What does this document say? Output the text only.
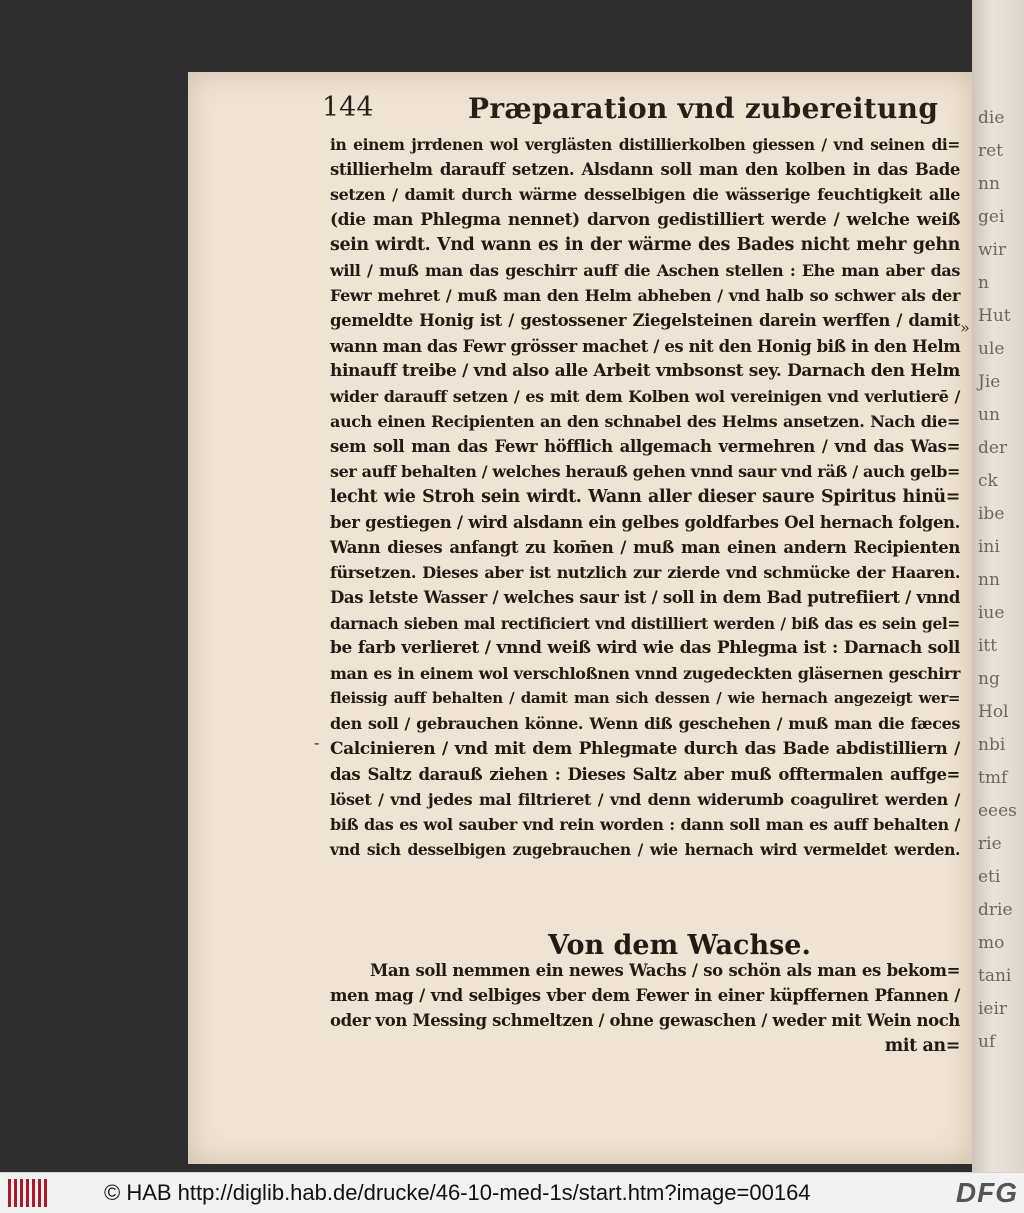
die
ret
nn
gei
wir
n
Hut
ule
Jie
un
der
ck
ibe
ini
nn
iue
itt
ng
Hol
nbi
tmf
eees
rie
eti
drie
mo
tani
ieir
uf
144	Præparation vnd zubereitung
in einem jrrdenen wol verglästen distillierkolben giessen / vnd seinen di=
stillierhelm darauff setzen. Alsdann soll man den kolben in das Bade
setzen / damit durch wärme desselbigen die wässerige feuchtigkeit alle
(die man Phlegma nennet) darvon gedistilliert werde / welche weiß
sein wirdt. Vnd wann es in der wärme des Bades nicht mehr gehn
will / muß man das geschirr auff die Aschen stellen : Ehe man aber das
Fewr mehret / muß man den Helm abheben / vnd halb so schwer als der
gemeldte Honig ist / gestossener Ziegelsteinen darein werffen / damit
wann man das Fewr grösser machet / es nit den Honig biß in den Helm
hinauff treibe / vnd also alle Arbeit vmbsonst sey. Darnach den Helm
wider darauff setzen / es mit dem Kolben wol vereinigen vnd verlutierē /
auch einen Recipienten an den schnabel des Helms ansetzen. Nach die=
sem soll man das Fewr höfflich allgemach vermehren / vnd das Was=
ser auff behalten / welches herauß gehen vnnd saur vnd räß / auch gelb=
lecht wie Stroh sein wirdt. Wann aller dieser saure Spiritus hinü=
ber gestiegen / wird alsdann ein gelbes goldfarbes Oel hernach folgen.
Wann dieses anfangt zu kom̄en / muß man einen andern Recipienten
fürsetzen. Dieses aber ist nutzlich zur zierde vnd schmücke der Haaren.
Das letste Wasser / welches saur ist / soll in dem Bad putrefiiert / vnnd
darnach sieben mal rectificiert vnd distilliert werden / biß das es sein gel=
be farb verlieret / vnnd weiß wird wie das Phlegma ist : Darnach soll
man es in einem wol verschloßnen vnnd zugedeckten gläsernen geschirr
fleissig auff behalten / damit man sich dessen / wie hernach angezeigt wer=
den soll / gebrauchen könne. Wenn diß geschehen / muß man die fæces
Calcinieren / vnd mit dem Phlegmate durch das Bade abdistilliern /
das Saltz darauß ziehen : Dieses Saltz aber muß offtermalen auffge=
löset / vnd jedes mal filtrieret / vnd denn widerumb coaguliret werden /
biß das es wol sauber vnd rein worden : dann soll man es auff behalten /
vnd sich desselbigen zugebrauchen / wie hernach wird vermeldet werden.
»
-
Von dem Wachse.
Man soll nemmen ein newes Wachs / so schön als man es bekom=
men mag / vnd selbiges vber dem Fewer in einer küpffernen Pfannen /
oder von Messing schmeltzen / ohne gewaschen / weder mit Wein noch
mit an=
© HAB http://diglib.hab.de/drucke/46-10-med-1s/start.htm?image=00164	DFG
